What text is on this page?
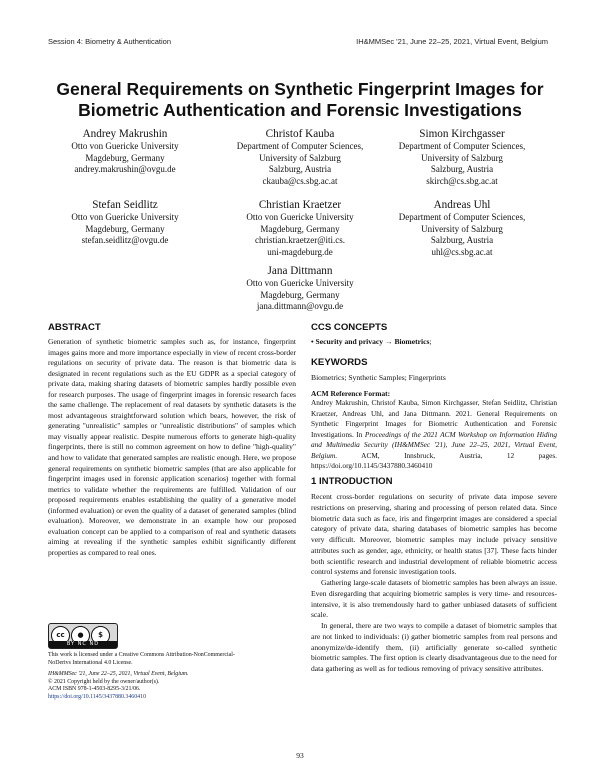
Session 4: Biometry & Authentication	IH&MMSec '21, June 22–25, 2021, Virtual Event, Belgium
General Requirements on Synthetic Fingerprint Images for
Biometric Authentication and Forensic Investigations
Andrey Makrushin
Otto von Guericke University
Magdeburg, Germany
andrey.makrushin@ovgu.de
Christof Kauba
Department of Computer Sciences,
University of Salzburg
Salzburg, Austria
ckauba@cs.sbg.ac.at
Simon Kirchgasser
Department of Computer Sciences,
University of Salzburg
Salzburg, Austria
skirch@cs.sbg.ac.at
Stefan Seidlitz
Otto von Guericke University
Magdeburg, Germany
stefan.seidlitz@ovgu.de
Christian Kraetzer
Otto von Guericke University
Magdeburg, Germany
christian.kraetzer@iti.cs.
uni-magdeburg.de
Andreas Uhl
Department of Computer Sciences,
University of Salzburg
Salzburg, Austria
uhl@cs.sbg.ac.at
Jana Dittmann
Otto von Guericke University
Magdeburg, Germany
jana.dittmann@ovgu.de
ABSTRACT
Generation of synthetic biometric samples such as, for instance, fingerprint images gains more and more importance especially in view of recent cross-border regulations on security of private data. The reason is that biometric data is designated in recent regulations such as the EU GDPR as a special category of private data, making sharing datasets of biometric samples hardly possible even for research purposes. The usage of fingerprint images in forensic research faces the same challenge. The replacement of real datasets by synthetic datasets is the most advantageous straightforward solution which bears, however, the risk of generating "unrealistic" samples or "unrealistic distributions" of samples which may visually appear realistic. Despite numerous efforts to generate high-quality fingerprints, there is still no common agreement on how to define "high-quality" and how to validate that generated samples are realistic enough. Here, we propose general requirements on synthetic biometric samples (that are also applicable for fingerprint images used in forensic application scenarios) together with formal metrics to validate whether the requirements are fulfilled. Validation of our proposed requirements enables establishing the quality of a generative model (informed evaluation) or even the quality of a dataset of generated samples (blind evaluation). Moreover, we demonstrate in an example how our proposed evaluation concept can be applied to a comparison of real and synthetic datasets aiming at revealing if the synthetic samples exhibit significantly different properties as compared to real ones.
cc	●	$
BY NC ND
This work is licensed under a Creative Commons Attribution-NonCommercial-
NoDerivs International 4.0 License.
IH&MMSec '21, June 22–25, 2021, Virtual Event, Belgium.
© 2021 Copyright held by the owner/author(s).
ACM ISBN 978-1-4503-8295-3/21/06.
https://doi.org/10.1145/3437880.3460410
CCS CONCEPTS
• Security and privacy → Biometrics;
KEYWORDS
Biometrics; Synthetic Samples; Fingerprints
ACM Reference Format:
Andrey Makrushin, Christof Kauba, Simon Kirchgasser, Stefan Seidlitz, Christian Kraetzer, Andreas Uhl, and Jana Dittmann. 2021. General Requirements on Synthetic Fingerprint Images for Biometric Authentication and Forensic Investigations. In Proceedings of the 2021 ACM Workshop on Information Hiding and Multimedia Security (IH&MMSec '21), June 22–25, 2021, Virtual Event, Belgium. ACM, Innsbruck, Austria, 12 pages. https://doi.org/10.1145/3437880.3460410
1 INTRODUCTION

Recent cross-border regulations on security of private data impose severe restrictions on preserving, sharing and processing of person related data. Since biometric data such as face, iris and fingerprint images are considered a special category of private data, sharing databases of biometric samples has become very difficult. Moreover, biometric samples may include privacy sensitive attributes such as gender, age, ethnicity, or health status [37]. These facts hinder both scientific research and industrial development of reliable biometric access control systems and forensic investigation tools.

Gathering large-scale datasets of biometric samples has been always an issue. Even disregarding that acquiring biometric samples is very time- and resources-intensive, it is also tremendously hard to gather unbiased datasets of sufficient scale.

In general, there are two ways to compile a dataset of biometric samples that are not linked to individuals: (i) gather biometric samples from real persons and anonymize/de-identify them, (ii) artificially generate so-called synthetic biometric samples. The first option is clearly disadvantageous due to the need for data gathering as well as for tedious removing of privacy sensitive attributes.

93
